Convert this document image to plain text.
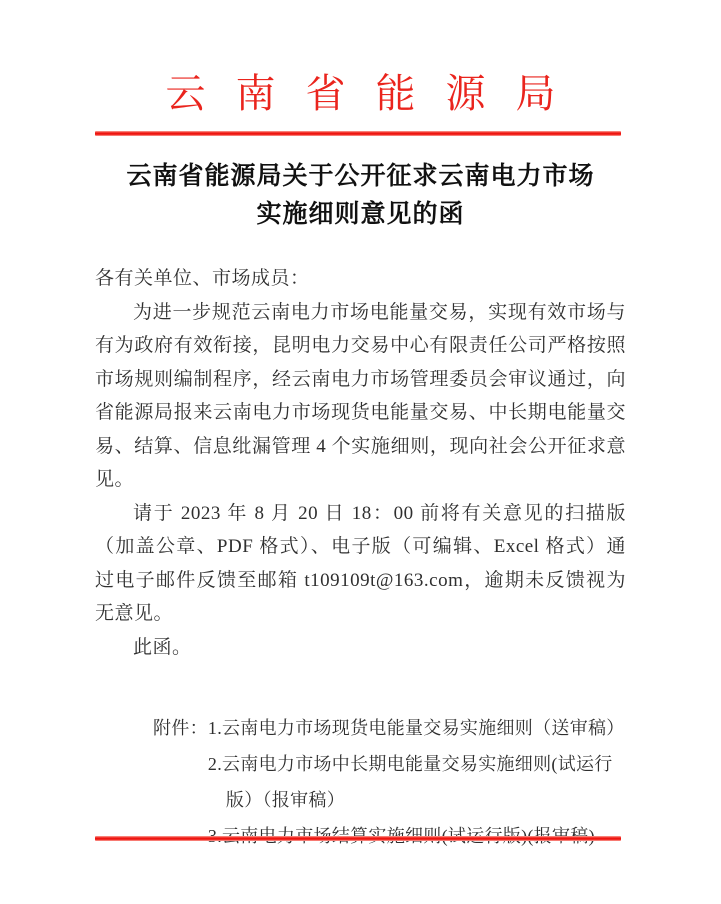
云南省能源局
云南省能源局关于公开征求云南电力市场
实施细则意见的函

各有关单位、市场成员：

为进一步规范云南电力市场电能量交易，实现有效市场与有为政府有效衔接，昆明电力交易中心有限责任公司严格按照市场规则编制程序，经云南电力市场管理委员会审议通过，向省能源局报来云南电力市场现货电能量交易、中长期电能量交易、结算、信息纰漏管理 4 个实施细则，现向社会公开征求意见。

请于 2023 年 8 月 20 日 18：00 前将有关意见的扫描版（加盖公章、PDF 格式）、电子版（可编辑、Excel 格式）通过电子邮件反馈至邮箱 t109109t@163.com，逾期未反馈视为无意见。

此函。

附件： 1.云南电力市场现货电能量交易实施细则（送审稿）
2.云南电力市场中长期电能量交易实施细则(试运行
版）（报审稿）
